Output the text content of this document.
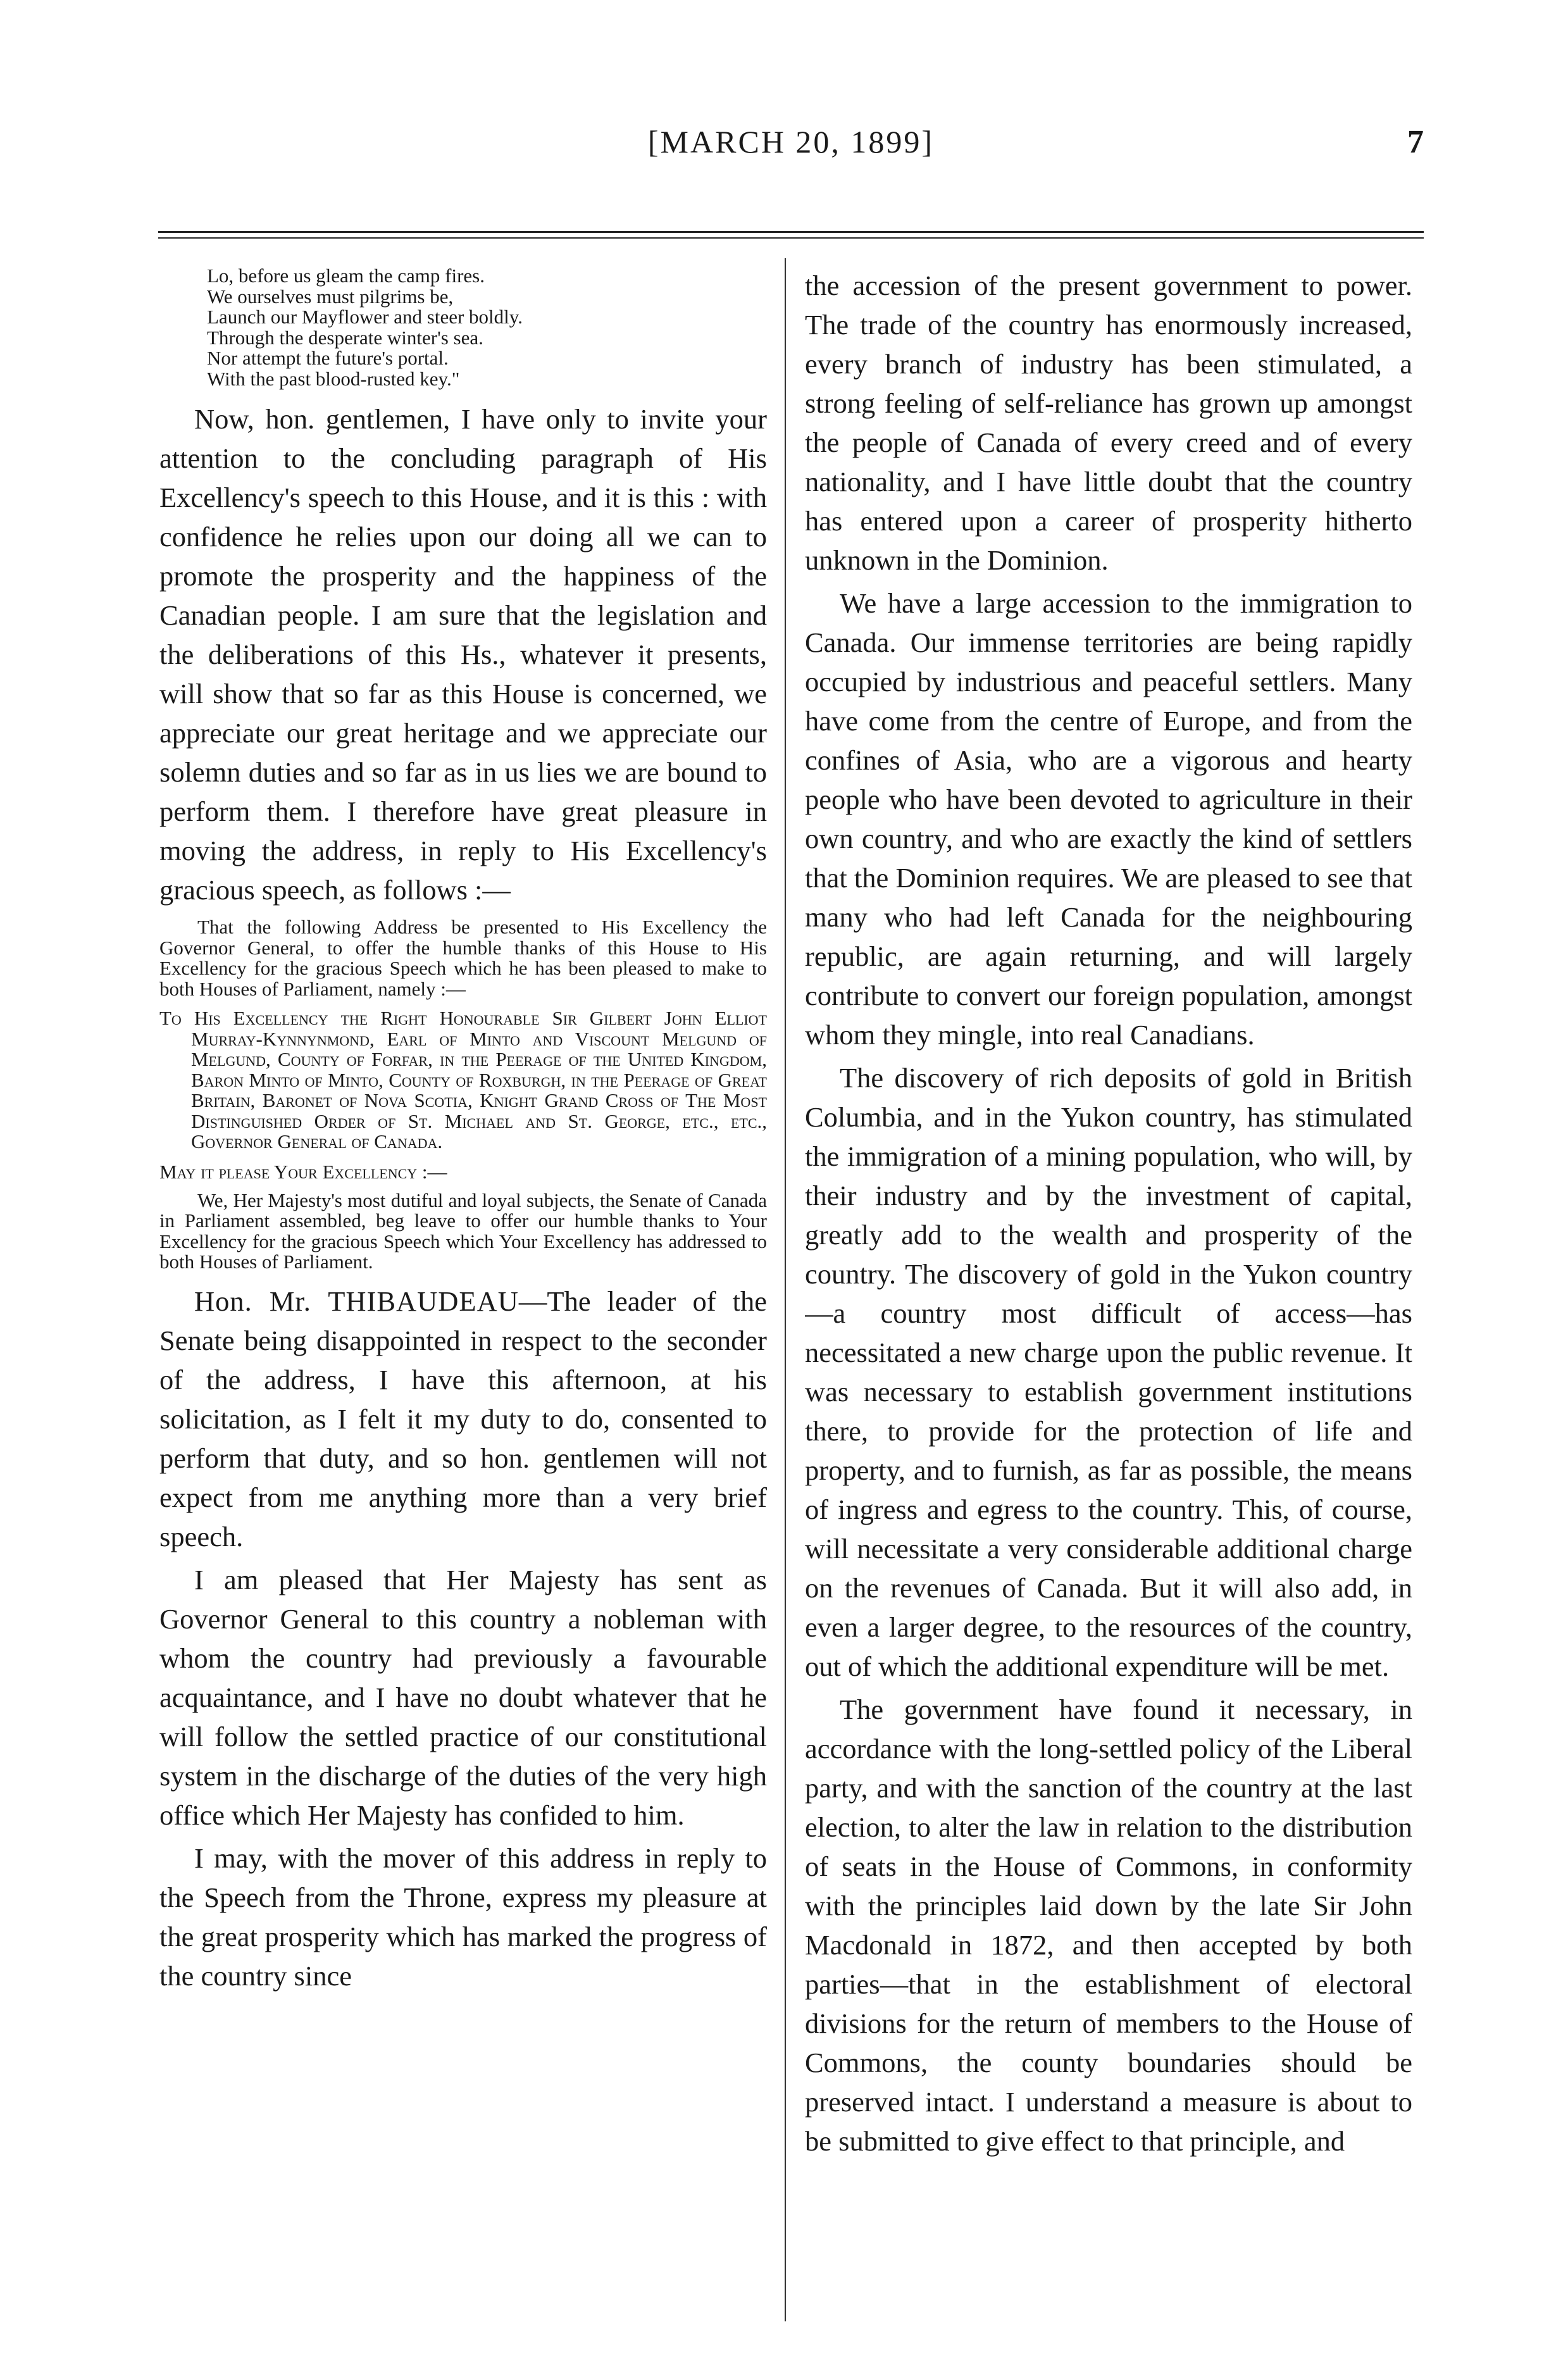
[MARCH 20, 1899]	7
Lo, before us gleam the camp fires.
We ourselves must pilgrims be,
Launch our Mayflower and steer boldly.
Through the desperate winter's sea.
Nor attempt the future's portal.
With the past blood-rusted key."

Now, hon. gentlemen, I have only to invite your attention to the concluding paragraph of His Excellency's speech to this House, and it is this : with confidence he relies upon our doing all we can to promote the prosperity and the happiness of the Canadian people. I am sure that the legislation and the deliberations of this Hs., whatever it presents, will show that so far as this House is concerned, we appreciate our great heritage and we appreciate our solemn duties and so far as in us lies we are bound to perform them. I therefore have great pleasure in moving the address, in reply to His Excellency's gracious speech, as follows :—

That the following Address be presented to His Excellency the Governor General, to offer the humble thanks of this House to His Excellency for the gracious Speech which he has been pleased to make to both Houses of Parliament, namely :—

To His Excellency the Right Honourable Sir Gilbert John Elliot Murray-Kynnynmond, Earl of Minto and Viscount Melgund of Melgund, County of Forfar, in the Peerage of the United Kingdom, Baron Minto of Minto, County of Roxburgh, in the Peerage of Great Britain, Baronet of Nova Scotia, Knight Grand Cross of The Most Distinguished Order of St. Michael and St. George, etc., etc., Governor General of Canada.

May it please Your Excellency :—

We, Her Majesty's most dutiful and loyal subjects, the Senate of Canada in Parliament assembled, beg leave to offer our humble thanks to Your Excellency for the gracious Speech which Your Excellency has addressed to both Houses of Parliament.

Hon. Mr. THIBAUDEAU—The leader of the Senate being disappointed in respect to the seconder of the address, I have this afternoon, at his solicitation, as I felt it my duty to do, consented to perform that duty, and so hon. gentlemen will not expect from me anything more than a very brief speech.

I am pleased that Her Majesty has sent as Governor General to this country a nobleman with whom the country had previously a favourable acquaintance, and I have no doubt whatever that he will follow the settled practice of our constitutional system in the discharge of the duties of the very high office which Her Majesty has confided to him.

I may, with the mover of this address in reply to the Speech from the Throne, express my pleasure at the great prosperity which has marked the progress of the country since

the accession of the present government to power. The trade of the country has enormously increased, every branch of industry has been stimulated, a strong feeling of self-reliance has grown up amongst the people of Canada of every creed and of every nationality, and I have little doubt that the country has entered upon a career of prosperity hitherto unknown in the Dominion.

We have a large accession to the immigration to Canada. Our immense territories are being rapidly occupied by industrious and peaceful settlers. Many have come from the centre of Europe, and from the confines of Asia, who are a vigorous and hearty people who have been devoted to agriculture in their own country, and who are exactly the kind of settlers that the Dominion requires. We are pleased to see that many who had left Canada for the neighbouring republic, are again returning, and will largely contribute to convert our foreign population, amongst whom they mingle, into real Canadians.

The discovery of rich deposits of gold in British Columbia, and in the Yukon country, has stimulated the immigration of a mining population, who will, by their industry and by the investment of capital, greatly add to the wealth and prosperity of the country. The discovery of gold in the Yukon country —a country most difficult of access—has necessitated a new charge upon the public revenue. It was necessary to establish government institutions there, to provide for the protection of life and property, and to furnish, as far as possible, the means of ingress and egress to the country. This, of course, will necessitate a very considerable additional charge on the revenues of Canada. But it will also add, in even a larger degree, to the resources of the country, out of which the additional expenditure will be met.

The government have found it necessary, in accordance with the long-settled policy of the Liberal party, and with the sanction of the country at the last election, to alter the law in relation to the distribution of seats in the House of Commons, in conformity with the principles laid down by the late Sir John Macdonald in 1872, and then accepted by both parties—that in the establishment of electoral divisions for the return of members to the House of Commons, the county boundaries should be preserved intact. I understand a measure is about to be submitted to give effect to that principle, and
